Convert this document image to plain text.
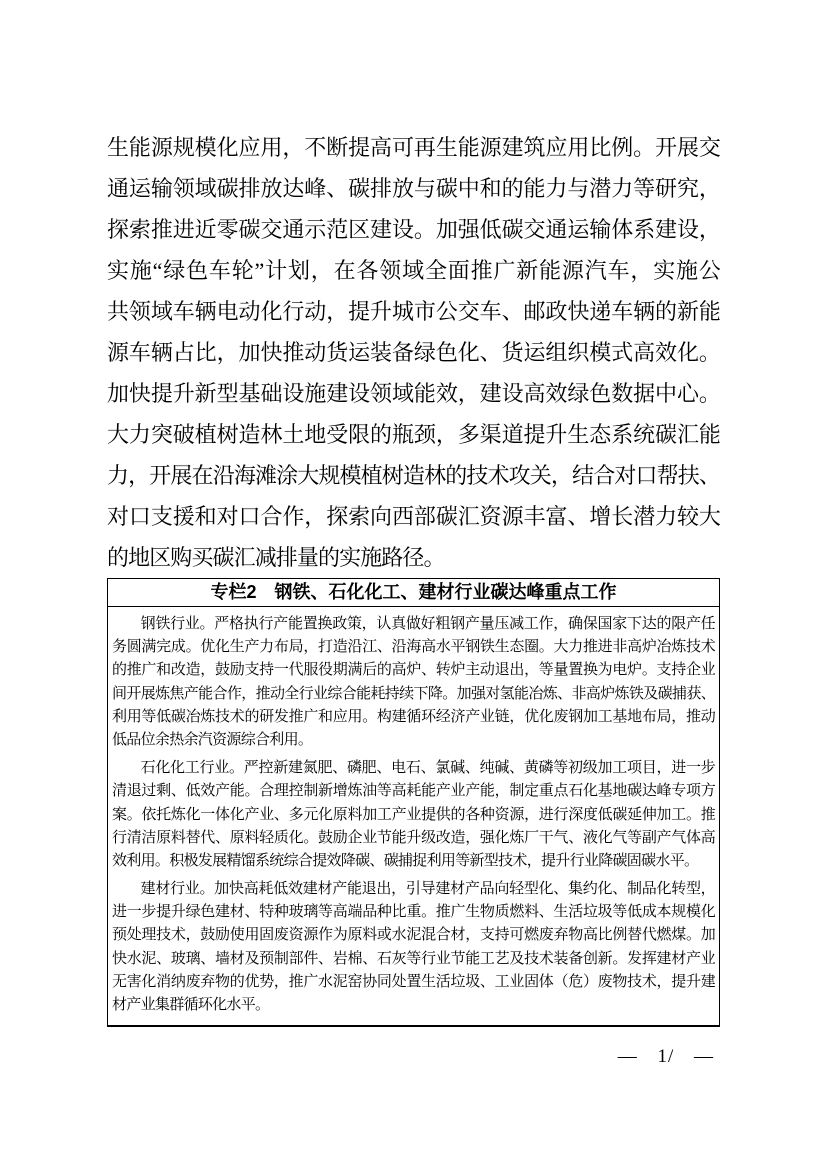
生能源规模化应用，不断提高可再生能源建筑应用比例。开展交
通运输领域碳排放达峰、碳排放与碳中和的能力与潜力等研究，
探索推进近零碳交通示范区建设。加强低碳交通运输体系建设，
实施“绿色车轮”计划，在各领域全面推广新能源汽车，实施公
共领域车辆电动化行动，提升城市公交车、邮政快递车辆的新能
源车辆占比，加快推动货运装备绿色化、货运组织模式高效化。
加快提升新型基础设施建设领域能效，建设高效绿色数据中心。
大力突破植树造林土地受限的瓶颈，多渠道提升生态系统碳汇能
力，开展在沿海滩涂大规模植树造林的技术攻关，结合对口帮扶、
对口支援和对口合作，探索向西部碳汇资源丰富、增长潜力较大
的地区购买碳汇减排量的实施路径。
专栏2　钢铁、石化化工、建材行业碳达峰重点工作
钢铁行业。严格执行产能置换政策，认真做好粗钢产量压减工作，确保国家下达的限产任
务圆满完成。优化生产力布局，打造沿江、沿海高水平钢铁生态圈。大力推进非高炉冶炼技术
的推广和改造，鼓励支持一代服役期满后的高炉、转炉主动退出，等量置换为电炉。支持企业
间开展炼焦产能合作，推动全行业综合能耗持续下降。加强对氢能冶炼、非高炉炼铁及碳捕获、
利用等低碳冶炼技术的研发推广和应用。构建循环经济产业链，优化废钢加工基地布局，推动
低品位余热余汽资源综合利用。
石化化工行业。严控新建氮肥、磷肥、电石、氯碱、纯碱、黄磷等初级加工项目，进一步
清退过剩、低效产能。合理控制新增炼油等高耗能产业产能，制定重点石化基地碳达峰专项方
案。依托炼化一体化产业、多元化原料加工产业提供的各种资源，进行深度低碳延伸加工。推
行清洁原料替代、原料轻质化。鼓励企业节能升级改造，强化炼厂干气、液化气等副产气体高
效利用。积极发展精馏系统综合提效降碳、碳捕捉利用等新型技术，提升行业降碳固碳水平。
建材行业。加快高耗低效建材产能退出，引导建材产品向轻型化、集约化、制品化转型，
进一步提升绿色建材、特种玻璃等高端品种比重。推广生物质燃料、生活垃圾等低成本规模化
预处理技术，鼓励使用固废资源作为原料或水泥混合材，支持可燃废弃物高比例替代燃煤。加
快水泥、玻璃、墙材及预制部件、岩棉、石灰等行业节能工艺及技术装备创新。发挥建材产业
无害化消纳废弃物的优势，推广水泥窑协同处置生活垃圾、工业固体（危）废物技术，提升建
材产业集群循环化水平。
— 1/ —
